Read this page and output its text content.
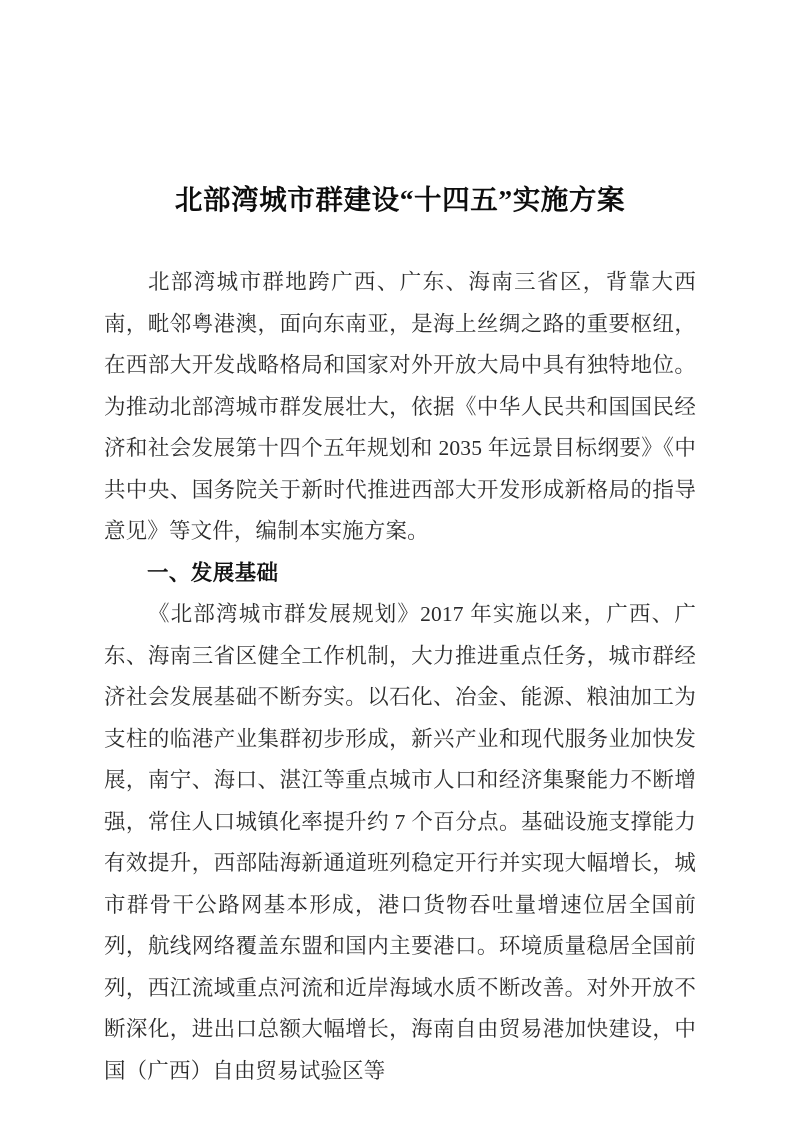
北部湾城市群建设“十四五”实施方案

北部湾城市群地跨广西、广东、海南三省区，背靠大西南，毗邻粤港澳，面向东南亚，是海上丝绸之路的重要枢纽，在西部大开发战略格局和国家对外开放大局中具有独特地位。为推动北部湾城市群发展壮大，依据《中华人民共和国国民经济和社会发展第十四个五年规划和 2035 年远景目标纲要》《中共中央、国务院关于新时代推进西部大开发形成新格局的指导意见》等文件，编制本实施方案。

一、发展基础

《北部湾城市群发展规划》2017 年实施以来，广西、广东、海南三省区健全工作机制，大力推进重点任务，城市群经济社会发展基础不断夯实。以石化、冶金、能源、粮油加工为支柱的临港产业集群初步形成，新兴产业和现代服务业加快发展，南宁、海口、湛江等重点城市人口和经济集聚能力不断增强，常住人口城镇化率提升约 7 个百分点。基础设施支撑能力有效提升，西部陆海新通道班列稳定开行并实现大幅增长，城市群骨干公路网基本形成，港口货物吞吐量增速位居全国前列，航线网络覆盖东盟和国内主要港口。环境质量稳居全国前列，西江流域重点河流和近岸海域水质不断改善。对外开放不断深化，进出口总额大幅增长，海南自由贸易港加快建设，中国（广西）自由贸易试验区等
